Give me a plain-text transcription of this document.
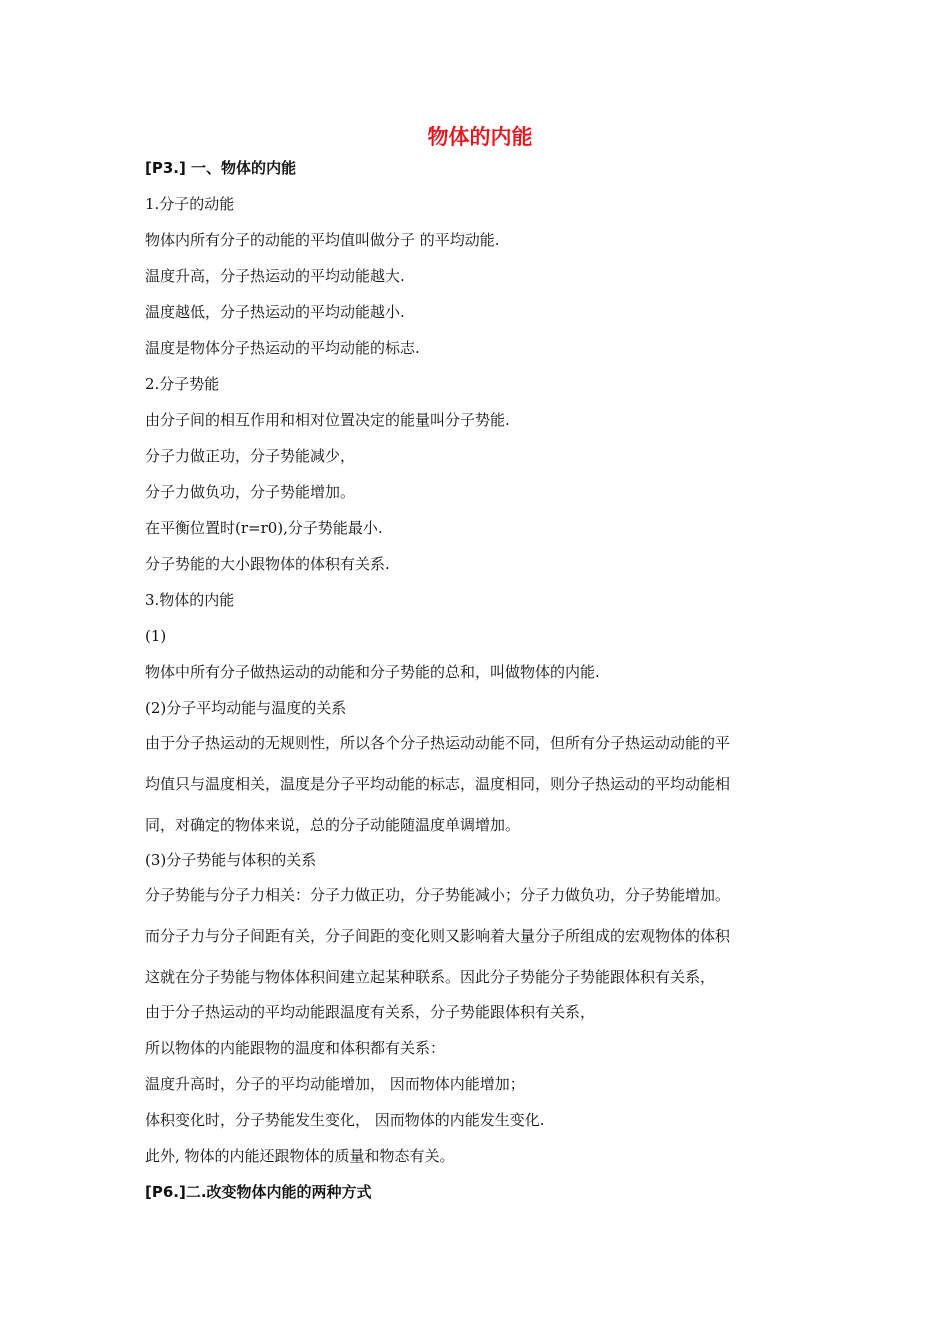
物体的内能

[P3.] 一、物体的内能

1.分子的动能

物体内所有分子的动能的平均值叫做分子 的平均动能.

温度升高，分子热运动的平均动能越大.

温度越低，分子热运动的平均动能越小.

温度是物体分子热运动的平均动能的标志.

2.分子势能

由分子间的相互作用和相对位置决定的能量叫分子势能.

分子力做正功，分子势能减少，

分子力做负功，分子势能增加。

在平衡位置时(r=r0),分子势能最小.

分子势能的大小跟物体的体积有关系.

3.物体的内能

(1)

物体中所有分子做热运动的动能和分子势能的总和，叫做物体的内能.

(2)分子平均动能与温度的关系

由于分子热运动的无规则性，所以各个分子热运动动能不同，但所有分子热运动动能的平
均值只与温度相关，温度是分子平均动能的标志，温度相同，则分子热运动的平均动能相
同，对确定的物体来说，总的分子动能随温度单调增加。

(3)分子势能与体积的关系

分子势能与分子力相关：分子力做正功，分子势能减小；分子力做负功，分子势能增加。
而分子力与分子间距有关，分子间距的变化则又影响着大量分子所组成的宏观物体的体积
这就在分子势能与物体体积间建立起某种联系。因此分子势能分子势能跟体积有关系，

由于分子热运动的平均动能跟温度有关系，分子势能跟体积有关系，

所以物体的内能跟物的温度和体积都有关系：

温度升高时，分子的平均动能增加， 因而物体内能增加；

体积变化时，分子势能发生变化， 因而物体的内能发生变化.

此外, 物体的内能还跟物体的质量和物态有关。

[P6.]二.改变物体内能的两种方式
